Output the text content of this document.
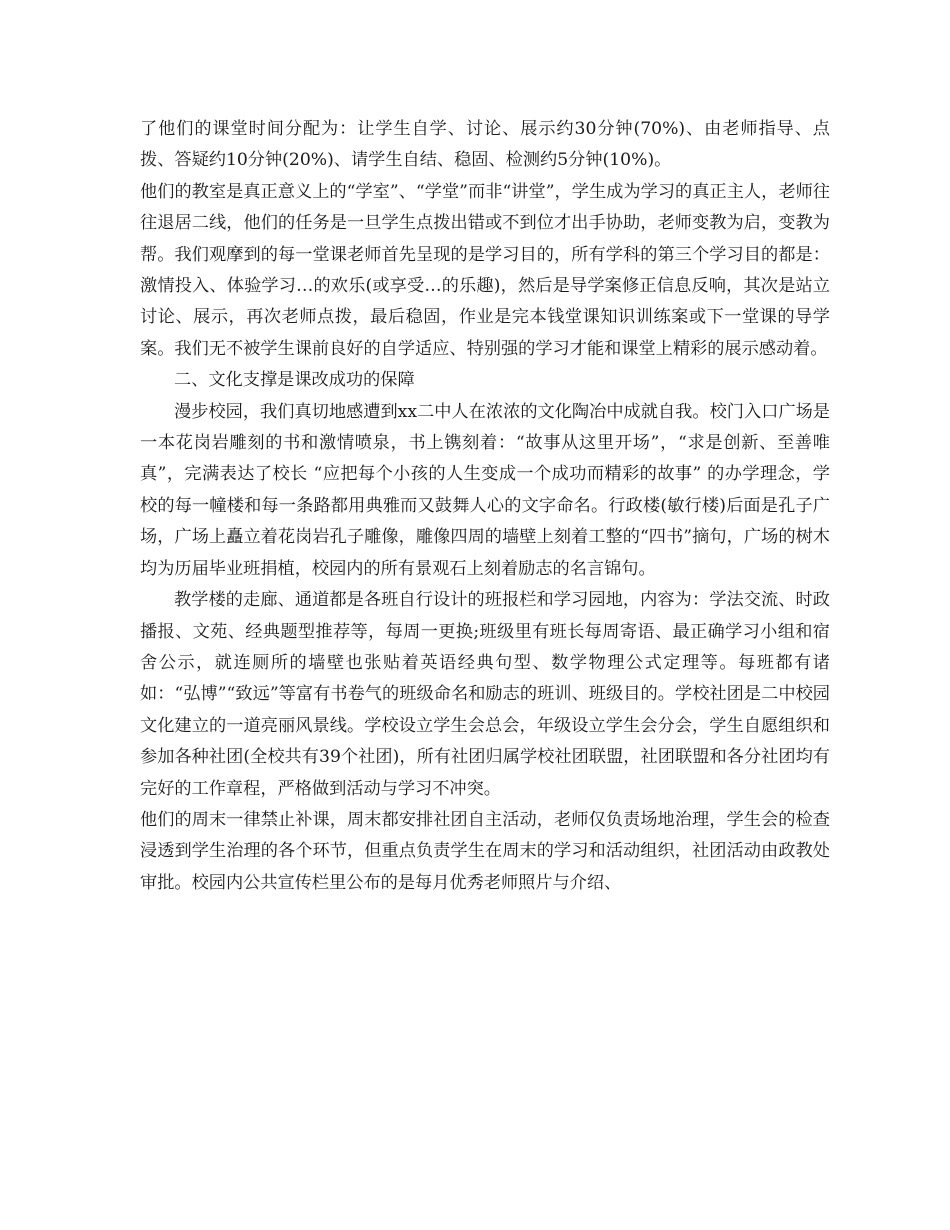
了他们的课堂时间分配为：让学生自学、讨论、展示约30分钟(70%)、由老师指导、点拨、答疑约10分钟(20%)、请学生自结、稳固、检测约5分钟(10%)。

他们的教室是真正意义上的“学室”、“学堂”而非“讲堂”，学生成为学习的真正主人，老师往往退居二线，他们的任务是一旦学生点拨出错或不到位才出手协助，老师变教为启，变教为帮。我们观摩到的每一堂课老师首先呈现的是学习目的，所有学科的第三个学习目的都是：激情投入、体验学习…的欢乐(或享受…的乐趣)，然后是导学案修正信息反响，其次是站立讨论、展示，再次老师点拨，最后稳固，作业是完本钱堂课知识训练案或下一堂课的导学案。我们无不被学生课前良好的自学适应、特别强的学习才能和课堂上精彩的展示感动着。

二、文化支撑是课改成功的保障

漫步校园，我们真切地感遭到xx二中人在浓浓的文化陶冶中成就自我。校门入口广场是一本花岗岩雕刻的书和激情喷泉，书上镌刻着：“故事从这里开场”，“求是创新、至善唯真”，完满表达了校长 “应把每个小孩的人生变成一个成功而精彩的故事” 的办学理念，学校的每一幢楼和每一条路都用典雅而又鼓舞人心的文字命名。行政楼(敏行楼)后面是孔子广场，广场上矗立着花岗岩孔子雕像，雕像四周的墙壁上刻着工整的“四书”摘句，广场的树木均为历届毕业班捐植，校园内的所有景观石上刻着励志的名言锦句。

教学楼的走廊、通道都是各班自行设计的班报栏和学习园地，内容为：学法交流、时政播报、文苑、经典题型推荐等，每周一更换;班级里有班长每周寄语、最正确学习小组和宿舍公示，就连厕所的墙壁也张贴着英语经典句型、数学物理公式定理等。每班都有诸如：“弘博”“致远”等富有书卷气的班级命名和励志的班训、班级目的。学校社团是二中校园文化建立的一道亮丽风景线。学校设立学生会总会，年级设立学生会分会，学生自愿组织和参加各种社团(全校共有39个社团)，所有社团归属学校社团联盟，社团联盟和各分社团均有完好的工作章程，严格做到活动与学习不冲突。

他们的周末一律禁止补课，周末都安排社团自主活动，老师仅负责场地治理，学生会的检查浸透到学生治理的各个环节，但重点负责学生在周末的学习和活动组织，社团活动由政教处审批。校园内公共宣传栏里公布的是每月优秀老师照片与介绍、
